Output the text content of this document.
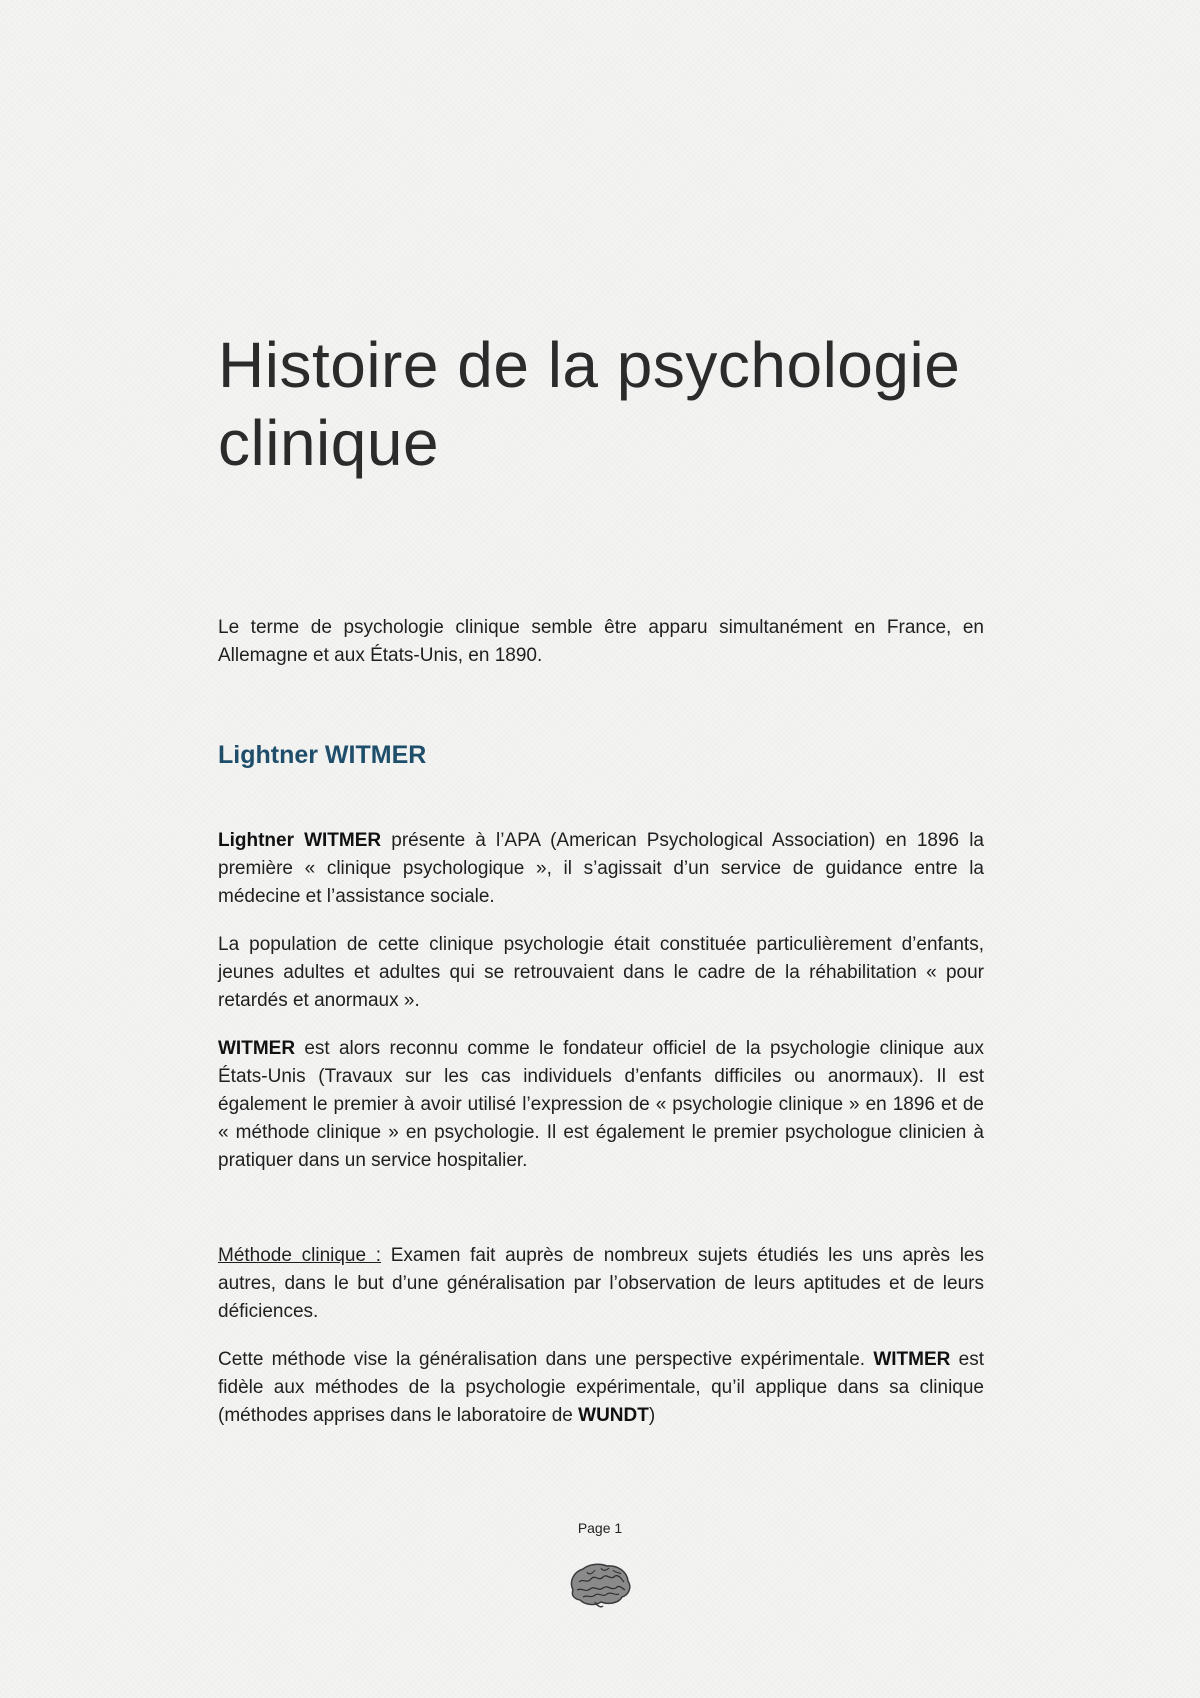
Histoire de la psychologie clinique

Le terme de psychologie clinique semble être apparu simultanément en France, en Allemagne et aux États-Unis, en 1890.

Lightner WITMER

Lightner WITMER présente à l’APA (American Psychological Association) en 1896 la première « clinique psychologique », il s’agissait d’un service de guidance entre la médecine et l’assistance sociale.

La population de cette clinique psychologie était constituée particulièrement d’enfants, jeunes adultes et adultes qui se retrouvaient dans le cadre de la réhabilitation « pour retardés et anormaux ».

WITMER est alors reconnu comme le fondateur officiel de la psychologie clinique aux États-Unis (Travaux sur les cas individuels d’enfants difficiles ou anormaux). Il est également le premier à avoir utilisé l’expression de « psychologie clinique » en 1896 et de « méthode clinique » en psychologie. Il est également le premier psychologue clinicien à pratiquer dans un service hospitalier.

Méthode clinique : Examen fait auprès de nombreux sujets étudiés les uns après les autres, dans le but d’une généralisation par l’observation de leurs aptitudes et de leurs déficiences.

Cette méthode vise la généralisation dans une perspective expérimentale. WITMER est fidèle aux méthodes de la psychologie expérimentale, qu’il applique dans sa clinique (méthodes apprises dans le laboratoire de WUNDT)

Page 1
